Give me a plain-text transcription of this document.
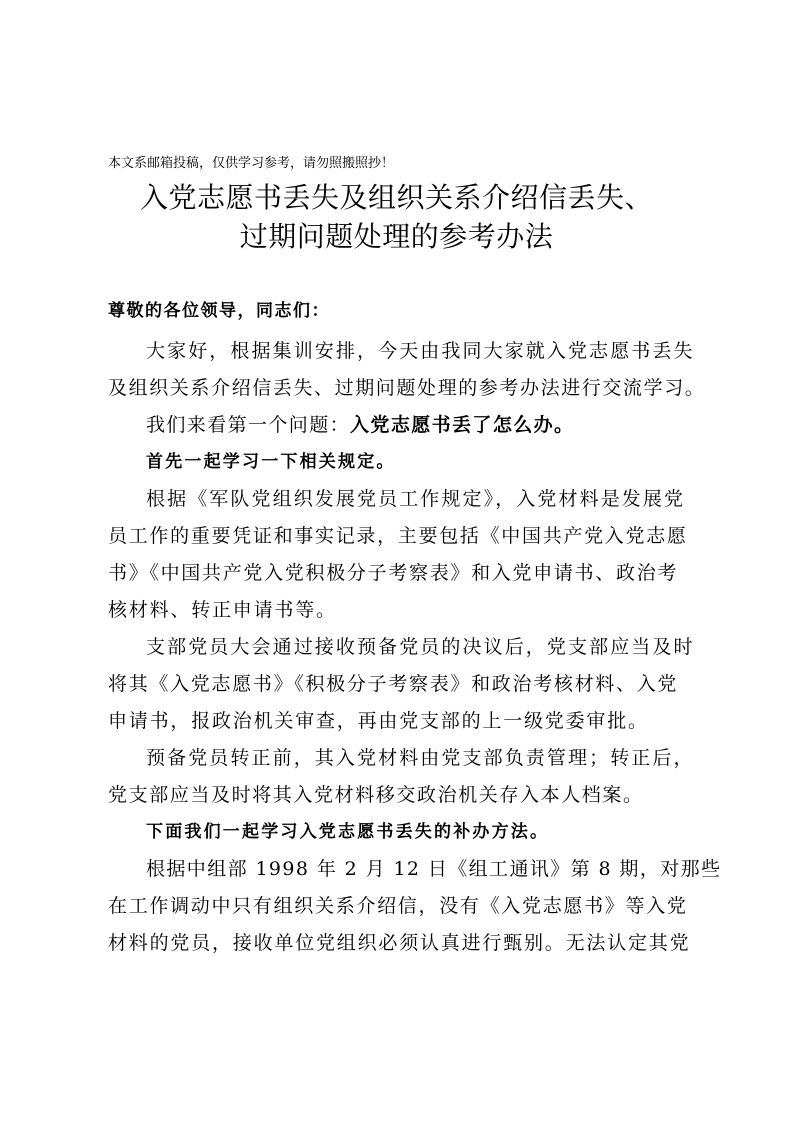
本文系邮箱投稿，仅供学习参考，请勿照搬照抄！
入党志愿书丢失及组织关系介绍信丢失、
过期问题处理的参考办法
尊敬的各位领导，同志们：
大家好，根据集训安排，今天由我同大家就入党志愿书丢失
及组织关系介绍信丢失、过期问题处理的参考办法进行交流学习。
我们来看第一个问题：入党志愿书丢了怎么办。
首先一起学习一下相关规定。
根据《军队党组织发展党员工作规定》，入党材料是发展党
员工作的重要凭证和事实记录，主要包括《中国共产党入党志愿
书》《中国共产党入党积极分子考察表》和入党申请书、政治考
核材料、转正申请书等。
支部党员大会通过接收预备党员的决议后，党支部应当及时
将其《入党志愿书》《积极分子考察表》和政治考核材料、入党
申请书，报政治机关审查，再由党支部的上一级党委审批。
预备党员转正前，其入党材料由党支部负责管理；转正后，
党支部应当及时将其入党材料移交政治机关存入本人档案。
下面我们一起学习入党志愿书丢失的补办方法。
根据中组部 1998 年 2 月 12 日《组工通讯》第 8 期，对那些
在工作调动中只有组织关系介绍信，没有《入党志愿书》等入党
材料的党员，接收单位党组织必须认真进行甄别。无法认定其党
